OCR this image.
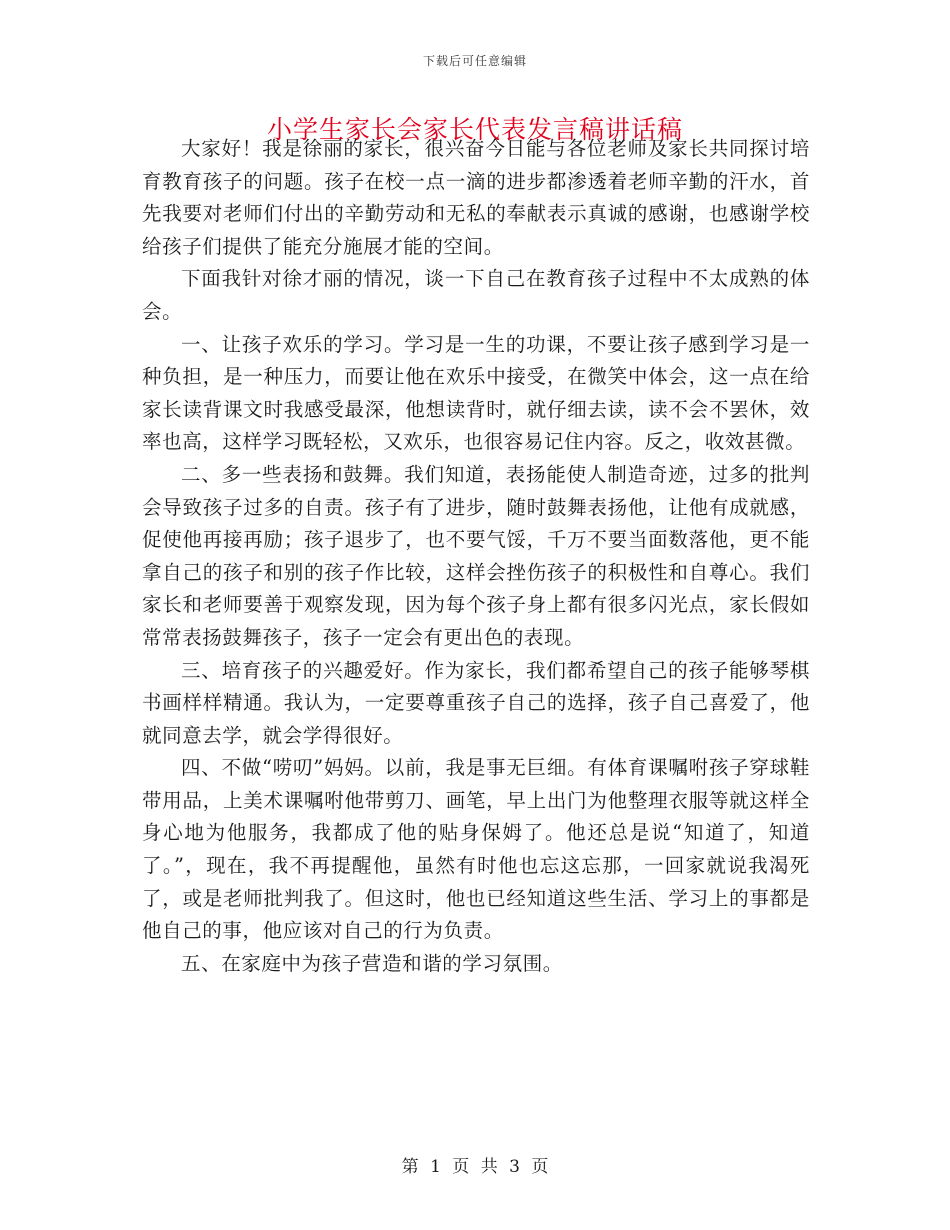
下载后可任意编辑
小学生家长会家长代表发言稿讲话稿

大家好！我是徐丽的家长，很兴奋今日能与各位老师及家长共同探讨培育教育孩子的问题。孩子在校一点一滴的进步都渗透着老师辛勤的汗水，首先我要对老师们付出的辛勤劳动和无私的奉献表示真诚的感谢，也感谢学校给孩子们提供了能充分施展才能的空间。

下面我针对徐才丽的情况，谈一下自己在教育孩子过程中不太成熟的体会。

一、让孩子欢乐的学习。学习是一生的功课，不要让孩子感到学习是一种负担，是一种压力，而要让他在欢乐中接受，在微笑中体会，这一点在给家长读背课文时我感受最深，他想读背时，就仔细去读，读不会不罢休，效率也高，这样学习既轻松，又欢乐，也很容易记住内容。反之，收效甚微。

二、多一些表扬和鼓舞。我们知道，表扬能使人制造奇迹，过多的批判会导致孩子过多的自责。孩子有了进步，随时鼓舞表扬他，让他有成就感，促使他再接再励；孩子退步了，也不要气馁，千万不要当面数落他，更不能拿自己的孩子和别的孩子作比较，这样会挫伤孩子的积极性和自尊心。我们家长和老师要善于观察发现，因为每个孩子身上都有很多闪光点，家长假如常常表扬鼓舞孩子，孩子一定会有更出色的表现。

三、培育孩子的兴趣爱好。作为家长，我们都希望自己的孩子能够琴棋书画样样精通。我认为，一定要尊重孩子自己的选择，孩子自己喜爱了，他就同意去学，就会学得很好。

四、不做“唠叨”妈妈。以前，我是事无巨细。有体育课嘱咐孩子穿球鞋带用品，上美术课嘱咐他带剪刀、画笔，早上出门为他整理衣服等就这样全身心地为他服务，我都成了他的贴身保姆了。他还总是说“知道了，知道了。”，现在，我不再提醒他，虽然有时他也忘这忘那，一回家就说我渴死了，或是老师批判我了。但这时，他也已经知道这些生活、学习上的事都是他自己的事，他应该对自己的行为负责。

五、在家庭中为孩子营造和谐的学习氛围。

第 1 页 共 3 页
